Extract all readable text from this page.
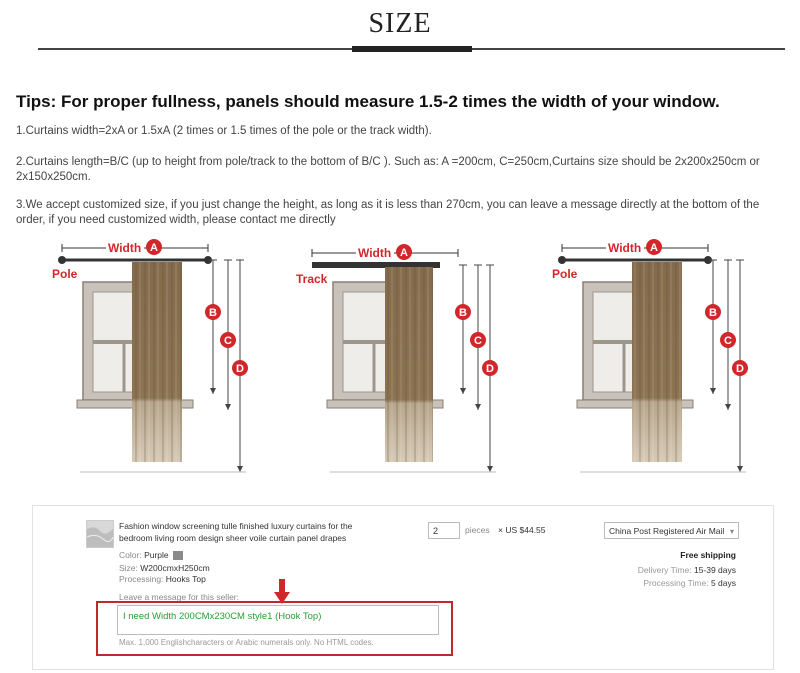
SIZE

Tips: For proper fullness, panels should measure 1.5-2 times the width of your window.

1.Curtains width=2xA or 1.5xA (2 times or 1.5 times of the pole or the track width).

2.Curtains length=B/C (up to height from pole/track to the bottom of B/C ). Such as: A =200cm, C=250cm,Curtains size should be 2x200x250cm or 2x150x250cm.

3.We accept customized size, if you just change the height, as long as it is less than 270cm, you can leave a message directly at the bottom of the order, if you need customized width, please contact me directly

Width A
Pole
B
C
D
Width A
Track
B
C
D
Width A
Pole
B
C
D

Fashion window screening tulle finished luxury curtains for the bedroom living room design sheer voile curtain panel drapes

Color: Purple
Size: W200cmxH250cm
Processing: Hooks Top
2	pieces × US $44.55	China Post Registered Air Mail ▾
Free shipping
Delivery Time: 15-39 days
Processing Time: 5 days
Leave a message for this seller:
I need Width 200CMx230CM style1 (Hook Top)
Max. 1,000 Englishcharacters or Arabic numerals only. No HTML codes.
